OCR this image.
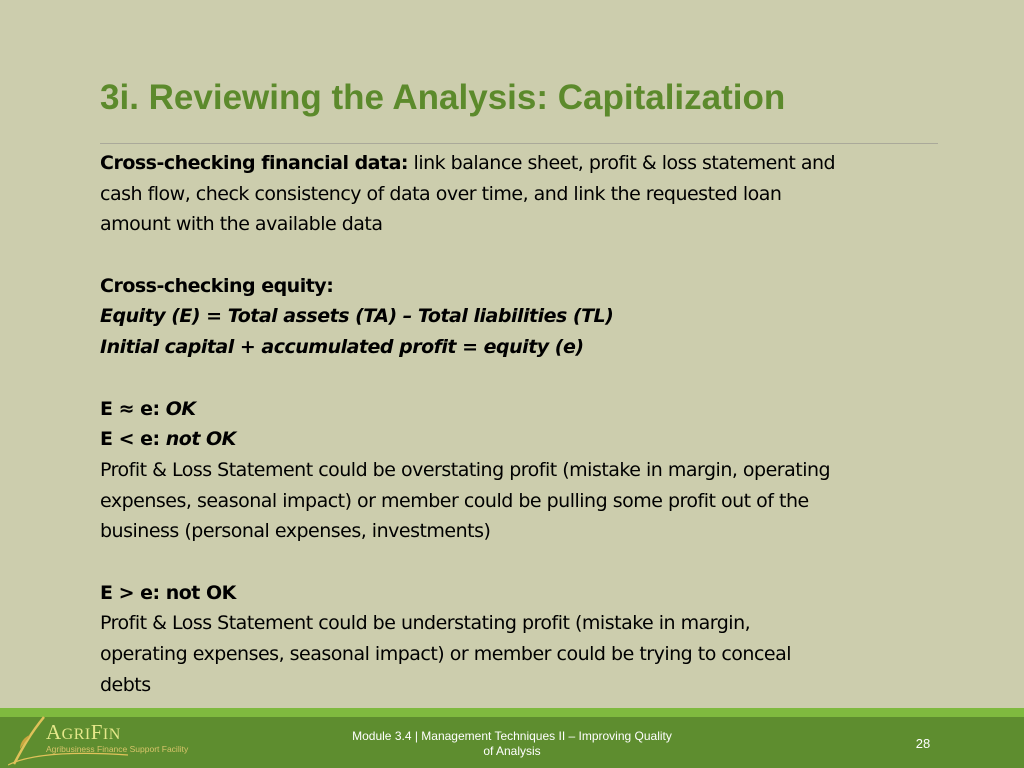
3i. Reviewing the Analysis: Capitalization
Cross-checking financial data: link balance sheet, profit & loss statement and
cash flow, check consistency of data over time, and link the requested loan
amount with the available data
Cross-checking equity:
Equity (E) = Total assets (TA) – Total liabilities (TL)
Initial capital + accumulated profit = equity (e)
E ≈ e: OK
E < e: not OK
Profit & Loss Statement could be overstating profit (mistake in margin, operating
expenses, seasonal impact) or member could be pulling some profit out of the
business (personal expenses, investments)
E > e: not OK
Profit & Loss Statement could be understating profit (mistake in margin,
operating expenses, seasonal impact) or member could be trying to conceal
debts
AGRIFIN
Agribusiness Finance Support Facility
Module 3.4 | Management Techniques II – Improving Quality
of Analysis	28
